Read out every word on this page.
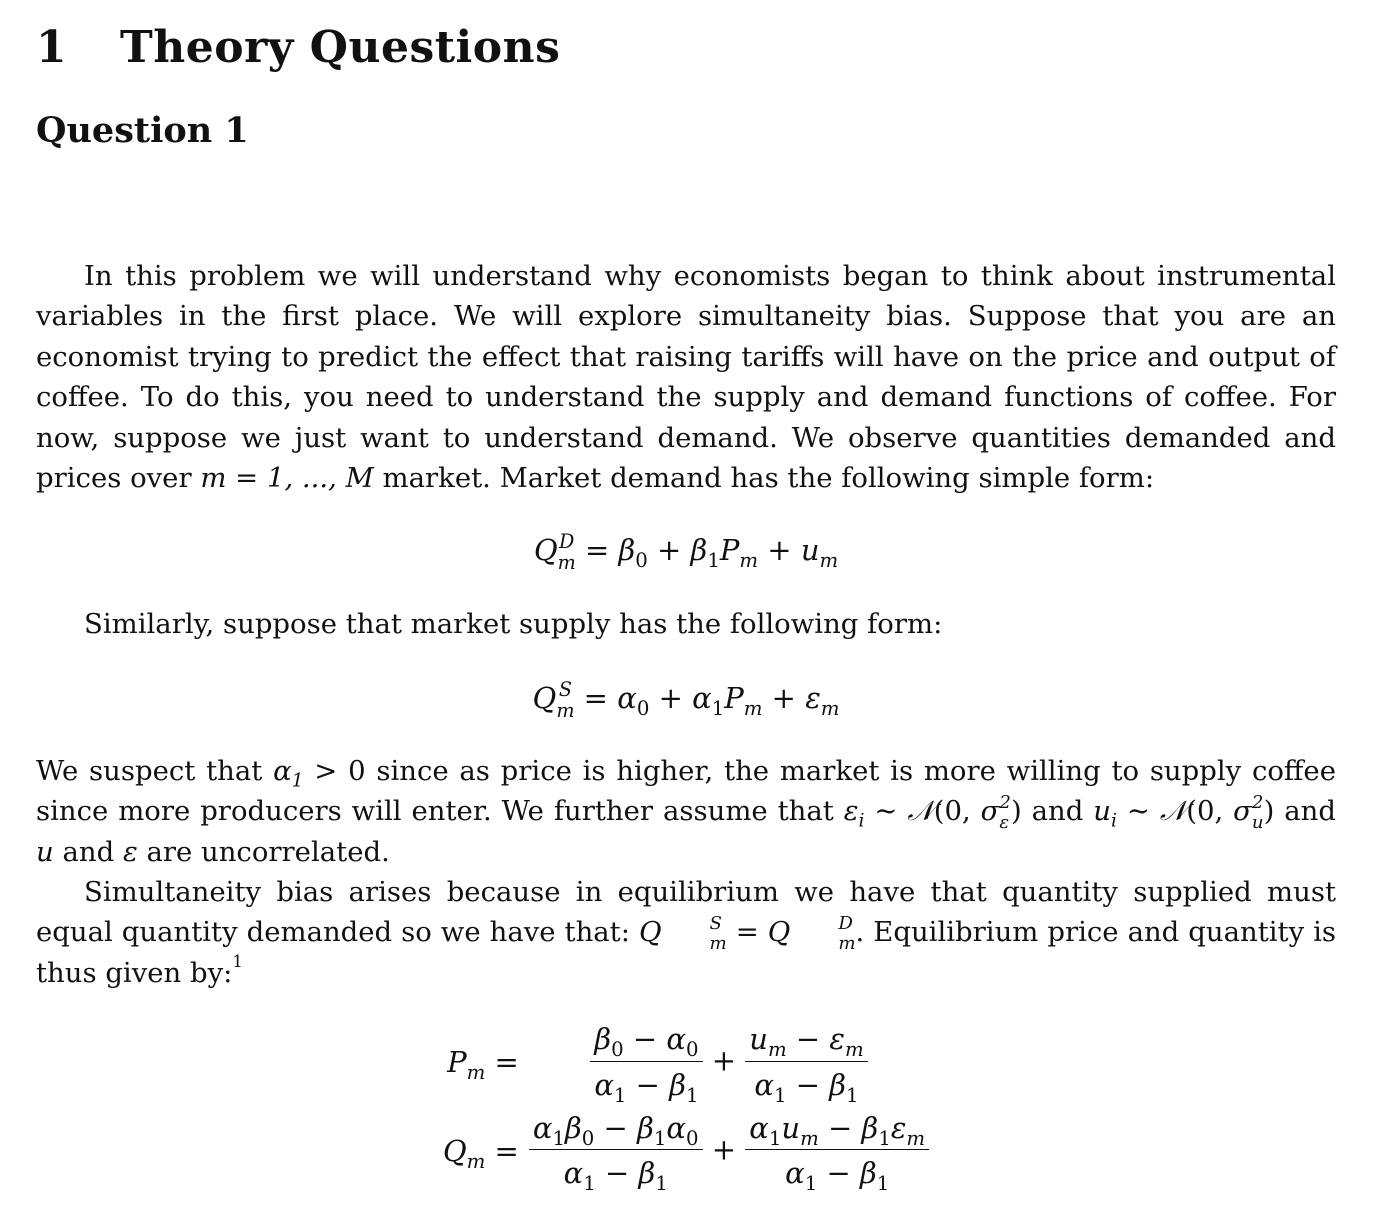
1 Theory Questions
Question 1

In this problem we will understand why economists began to think about instrumental variables in the first place. We will explore simultaneity bias. Suppose that you are an economist trying to predict the effect that raising tariffs will have on the price and output of coffee. To do this, you need to understand the supply and demand functions of coffee. For now, suppose we just want to understand demand. We observe quantities demanded and prices over m = 1, ..., M market. Market demand has the following simple form:

Q D
$m = \beta_0 + \beta_1P_m + u_m$

Similarly, suppose that market supply has the following form:

Q S
$m = \alpha_0 + \alpha_1P_m + \varepsilon_m$

We suspect that $\alpha_1 > 0$ since as price is higher, the market is more willing to supply coffee since more producers will enter. We further assume that $\varepsilon_i$ ∼ 𝒩(0, σ 2
ε ) and $u_i$ ∼ 𝒩(0, σ 2
u ) and u and ε are uncorrelated.

Simultaneity bias arises because in equilibrium we have that quantity supplied must equal quantity demanded so we have that: Q	S
m = Q	D
m . Equilibrium price and quantity is thus given by:$^1$

$P_m$ =	$\frac{\beta_0 - \alpha_0}{\alpha_1 - \beta_1} + \frac{u_m - \varepsilon_m}{\alpha_1 - \beta_1}$

$Q_m$ =	$\frac{\alpha_1\beta_0 - \beta_1\alpha_0}{\alpha_1 - \beta_1} + \frac{\alpha_1u_m - \beta_1\varepsilon_m}{\alpha_1 - \beta_1}$
